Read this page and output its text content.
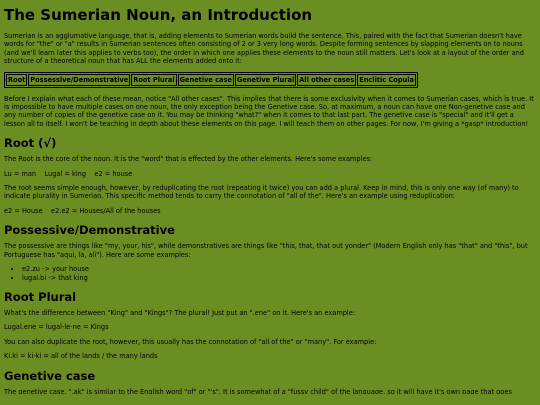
The Sumerian Noun, an Introduction

Sumerian is an agglumative language, that is, adding elements to Sumerian words build the sentence. This, paired with the fact that Sumerian doesn't have words for "the" or "a" results in Sumerian sentences often consisting of 2 or 3 very long words. Despite forming sentences by slapping elements on to nouns (and we'll learn later this applies to verbs too), the order in which one applies these elements to the noun still matters. Let's look at a layout of the order and structure of a theoretical noun that has ALL the elements added onto it:

Root	Possessive/Demonstrative	Root Plural	Genetive case	Genetive Plural	All other cases	Enclitic Copula

Before I explain what each of these mean, notice "All other cases". This implies that there is some exclusivity when it comes to Sumerian cases, which is true. It is impossible to have multiple cases on one noun, the only exception being the Genetive case. So, at maximum, a noun can have one Non-genetive case and any number of copies of the genetive case on it. You may be thinking "what?" when it comes to that last part. The genetive case is "special" and it'll get a lesson all to itself. I won't be teaching in depth about these elements on this page. I will teach them on other pages. For now, I'm giving a *gasp* introduction!

Root (√)

The Root is the core of the noun. It is the "word" that is effected by the other elements. Here's some examples:

Lu = man    Lugal = king    e2 = house

The root seems simple enough, however, by reduplicating the root (repeating it twice) you can add a plural. Keep in mind, this is only one way (of many) to indicate plurality in Sumerian. This specific method tends to carry the connotation of "all of the". Here's an example using reduplication:

e2 = House    e2.e2 = Houses/All of the houses

Possessive/Demonstrative

The possessive are things like "my, your, his", while demonstratives are things like "this, that, that out yonder" (Modern English only has "that" and "this", but Portuguese has "aqui, la, ali"). Here are some examples:

• e2.zu -> your house
• lugal.bi -> that king
Root Plural

What's the difference between "King" and "Kings"? The plural! Just put an ".ene" on it. Here's an example:

Lugal.ene = lugal-le-ne = Kings

You can also duplicate the root, however, this usually has the connotation of "all of the" or "many". For example:

Ki.ki = ki-ki = all of the lands / the many lands

Genetive case

The genetive case, ".ak" is similar to the English word "of" or "'s". It is somewhat of a "fussy child" of the language, so it will have it's own page that goes
